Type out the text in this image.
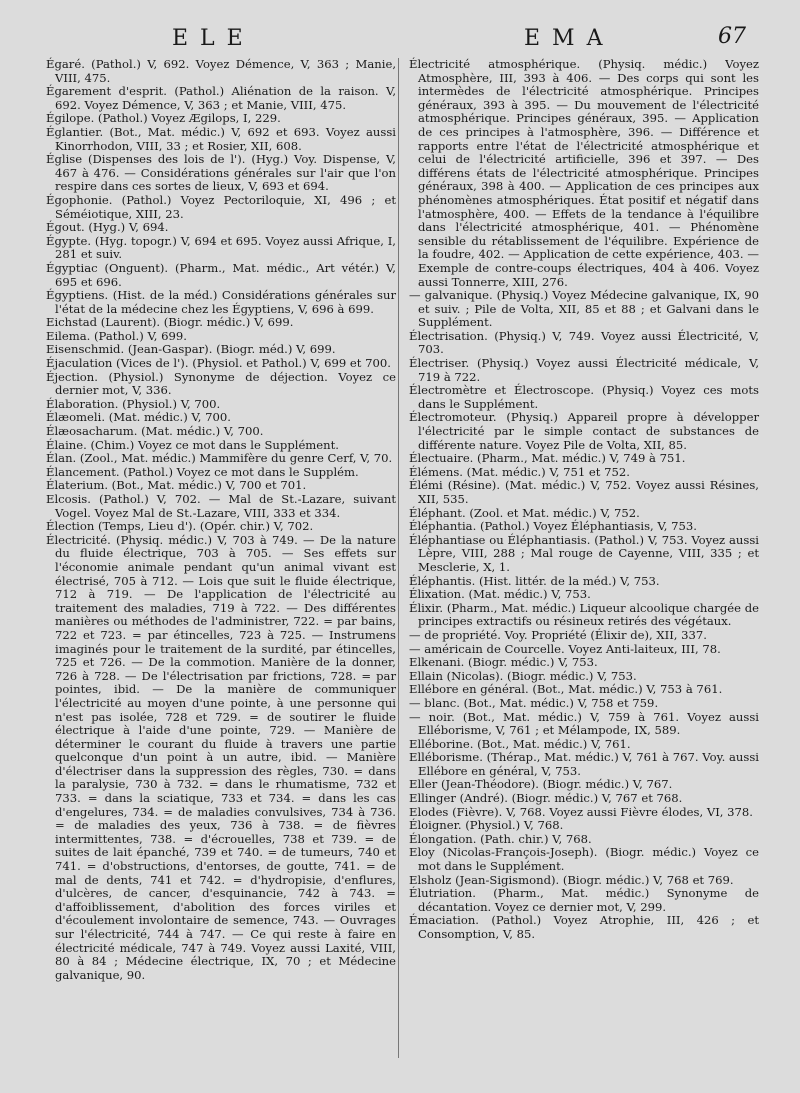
ELE	EMA	67

Égaré. (Pathol.) V, 692. Voyez Démence, V, 363 ; Manie, VIII, 475.

Égarement d'esprit. (Pathol.) Aliénation de la raison. V, 692. Voyez Démence, V, 363 ; et Manie, VIII, 475.

Égilope. (Pathol.) Voyez Ægilops, I, 229.

Églantier. (Bot., Mat. médic.) V, 692 et 693. Voyez aussi Kinorrhodon, VIII, 33 ; et Rosier, XII, 608.

Église (Dispenses des lois de l'). (Hyg.) Voy. Dispense, V, 467 à 476. — Considérations générales sur l'air que l'on respire dans ces sortes de lieux, V, 693 et 694.

Égophonie. (Pathol.) Voyez Pectoriloquie, XI, 496 ; et Séméiotique, XIII, 23.

Égout. (Hyg.) V, 694.

Égypte. (Hyg. topogr.) V, 694 et 695. Voyez aussi Afrique, I, 281 et suiv.

Égyptiac (Onguent). (Pharm., Mat. médic., Art vétér.) V, 695 et 696.

Égyptiens. (Hist. de la méd.) Considérations générales sur l'état de la médecine chez les Égyptiens, V, 696 à 699.

Eichstad (Laurent). (Biogr. médic.) V, 699.

Eilema. (Pathol.) V, 699.

Eisenschmid. (Jean-Gaspar). (Biogr. méd.) V, 699.

Éjaculation (Vices de l'). (Physiol. et Pathol.) V, 699 et 700.

Éjection. (Physiol.) Synonyme de déjection. Voyez ce dernier mot, V, 336.

Élaboration. (Physiol.) V, 700.

Élæomeli. (Mat. médic.) V, 700.

Élæosacharum. (Mat. médic.) V, 700.

Élaine. (Chim.) Voyez ce mot dans le Supplément.

Élan. (Zool., Mat. médic.) Mammifère du genre Cerf, V, 70.

Élancement. (Pathol.) Voyez ce mot dans le Supplém.

Élaterium. (Bot., Mat. médic.) V, 700 et 701.

Elcosis. (Pathol.) V, 702. — Mal de St.-Lazare, suivant Vogel. Voyez Mal de St.-Lazare, VIII, 333 et 334.

Élection (Temps, Lieu d'). (Opér. chir.) V, 702.

Électricité. (Physiq. médic.) V, 703 à 749. — De la nature du fluide électrique, 703 à 705. — Ses effets sur l'économie animale pendant qu'un animal vivant est électrisé, 705 à 712. — Lois que suit le fluide électrique, 712 à 719. — De l'application de l'électricité au traitement des maladies, 719 à 722. — Des différentes manières ou méthodes de l'administrer, 722. = par bains, 722 et 723. = par étincelles, 723 à 725. — Instrumens imaginés pour le traitement de la surdité, par étincelles, 725 et 726. — De la commotion. Manière de la donner, 726 à 728. — De l'électrisation par frictions, 728. = par pointes, ibid. — De la manière de communiquer l'électricité au moyen d'une pointe, à une personne qui n'est pas isolée, 728 et 729. = de soutirer le fluide électrique à l'aide d'une pointe, 729. — Manière de déterminer le courant du fluide à travers une partie quelconque d'un point à un autre, ibid. — Manière d'électriser dans la suppression des règles, 730. = dans la paralysie, 730 à 732. = dans le rhumatisme, 732 et 733. = dans la sciatique, 733 et 734. = dans les cas d'engelures, 734. = de maladies convulsives, 734 à 736. = de maladies des yeux, 736 à 738. = de fièvres intermittentes, 738. = d'écrouelles, 738 et 739. = de suites de lait épanché, 739 et 740. = de tumeurs, 740 et 741. = d'obstructions, d'entorses, de goutte, 741. = de mal de dents, 741 et 742. = d'hydropisie, d'enflures, d'ulcères, de cancer, d'esquinancie, 742 à 743. = d'affoiblissement, d'abolition des forces viriles et d'écoulement involontaire de semence, 743. — Ouvrages sur l'électricité, 744 à 747. — Ce qui reste à faire en électricité médicale, 747 à 749. Voyez aussi Laxité, VIII, 80 à 84 ; Médecine électrique, IX, 70 ; et Médecine galvanique, 90.

Électricité atmosphérique. (Physiq. médic.) Voyez Atmosphère, III, 393 à 406. — Des corps qui sont les intermèdes de l'électricité atmosphérique. Principes généraux, 393 à 395. — Du mouvement de l'électricité atmosphérique. Principes généraux, 395. — Application de ces principes à l'atmosphère, 396. — Différence et rapports entre l'état de l'électricité atmosphérique et celui de l'électricité artificielle, 396 et 397. — Des différens états de l'électricité atmosphérique. Principes généraux, 398 à 400. — Application de ces principes aux phénomènes atmosphériques. État positif et négatif dans l'atmosphère, 400. — Effets de la tendance à l'équilibre dans l'électricité atmosphérique, 401. — Phénomène sensible du rétablissement de l'équilibre. Expérience de la foudre, 402. — Application de cette expérience, 403. — Exemple de contre-coups électriques, 404 à 406. Voyez aussi Tonnerre, XIII, 276.

— galvanique. (Physiq.) Voyez Médecine galvanique, IX, 90 et suiv. ; Pile de Volta, XII, 85 et 88 ; et Galvani dans le Supplément.

Électrisation. (Physiq.) V, 749. Voyez aussi Électricité, V, 703.

Électriser. (Physiq.) Voyez aussi Électricité médicale, V, 719 à 722.

Électromètre et Électroscope. (Physiq.) Voyez ces mots dans le Supplément.

Électromoteur. (Physiq.) Appareil propre à développer l'électricité par le simple contact de substances de différente nature. Voyez Pile de Volta, XII, 85.

Électuaire. (Pharm., Mat. médic.) V, 749 à 751.

Élémens. (Mat. médic.) V, 751 et 752.

Élémi (Résine). (Mat. médic.) V, 752. Voyez aussi Résines, XII, 535.

Éléphant. (Zool. et Mat. médic.) V, 752.

Éléphantia. (Pathol.) Voyez Éléphantiasis, V, 753.

Éléphantiase ou Éléphantiasis. (Pathol.) V, 753. Voyez aussi Lèpre, VIII, 288 ; Mal rouge de Cayenne, VIII, 335 ; et Mesclerie, X, 1.

Éléphantis. (Hist. littér. de la méd.) V, 753.

Élixation. (Mat. médic.) V, 753.

Élixir. (Pharm., Mat. médic.) Liqueur alcoolique chargée de principes extractifs ou résineux retirés des végétaux.

— de propriété. Voy. Propriété (Élixir de), XII, 337.

— américain de Courcelle. Voyez Anti-laiteux, III, 78.

Elkenani. (Biogr. médic.) V, 753.

Ellain (Nicolas). (Biogr. médic.) V, 753.

Ellébore en général. (Bot., Mat. médic.) V, 753 à 761.

— blanc. (Bot., Mat. médic.) V, 758 et 759.

— noir. (Bot., Mat. médic.) V, 759 à 761. Voyez aussi Elléborisme, V, 761 ; et Mélampode, IX, 589.

Elléborine. (Bot., Mat. médic.) V, 761.

Elléborisme. (Thérap., Mat. médic.) V, 761 à 767. Voy. aussi Ellébore en général, V, 753.

Eller (Jean-Théodore). (Biogr. médic.) V, 767.

Ellinger (André). (Biogr. médic.) V, 767 et 768.

Elodes (Fièvre). V, 768. Voyez aussi Fièvre élodes, VI, 378.

Éloigner. (Physiol.) V, 768.

Élongation. (Path. chir.) V, 768.

Eloy (Nicolas-François-Joseph). (Biogr. médic.) Voyez ce mot dans le Supplément.

Elsholz (Jean-Sigismond). (Biogr. médic.) V, 768 et 769.

Élutriation. (Pharm., Mat. médic.) Synonyme de décantation. Voyez ce dernier mot, V, 299.

Émaciation. (Pathol.) Voyez Atrophie, III, 426 ; et Consomption, V, 85.
